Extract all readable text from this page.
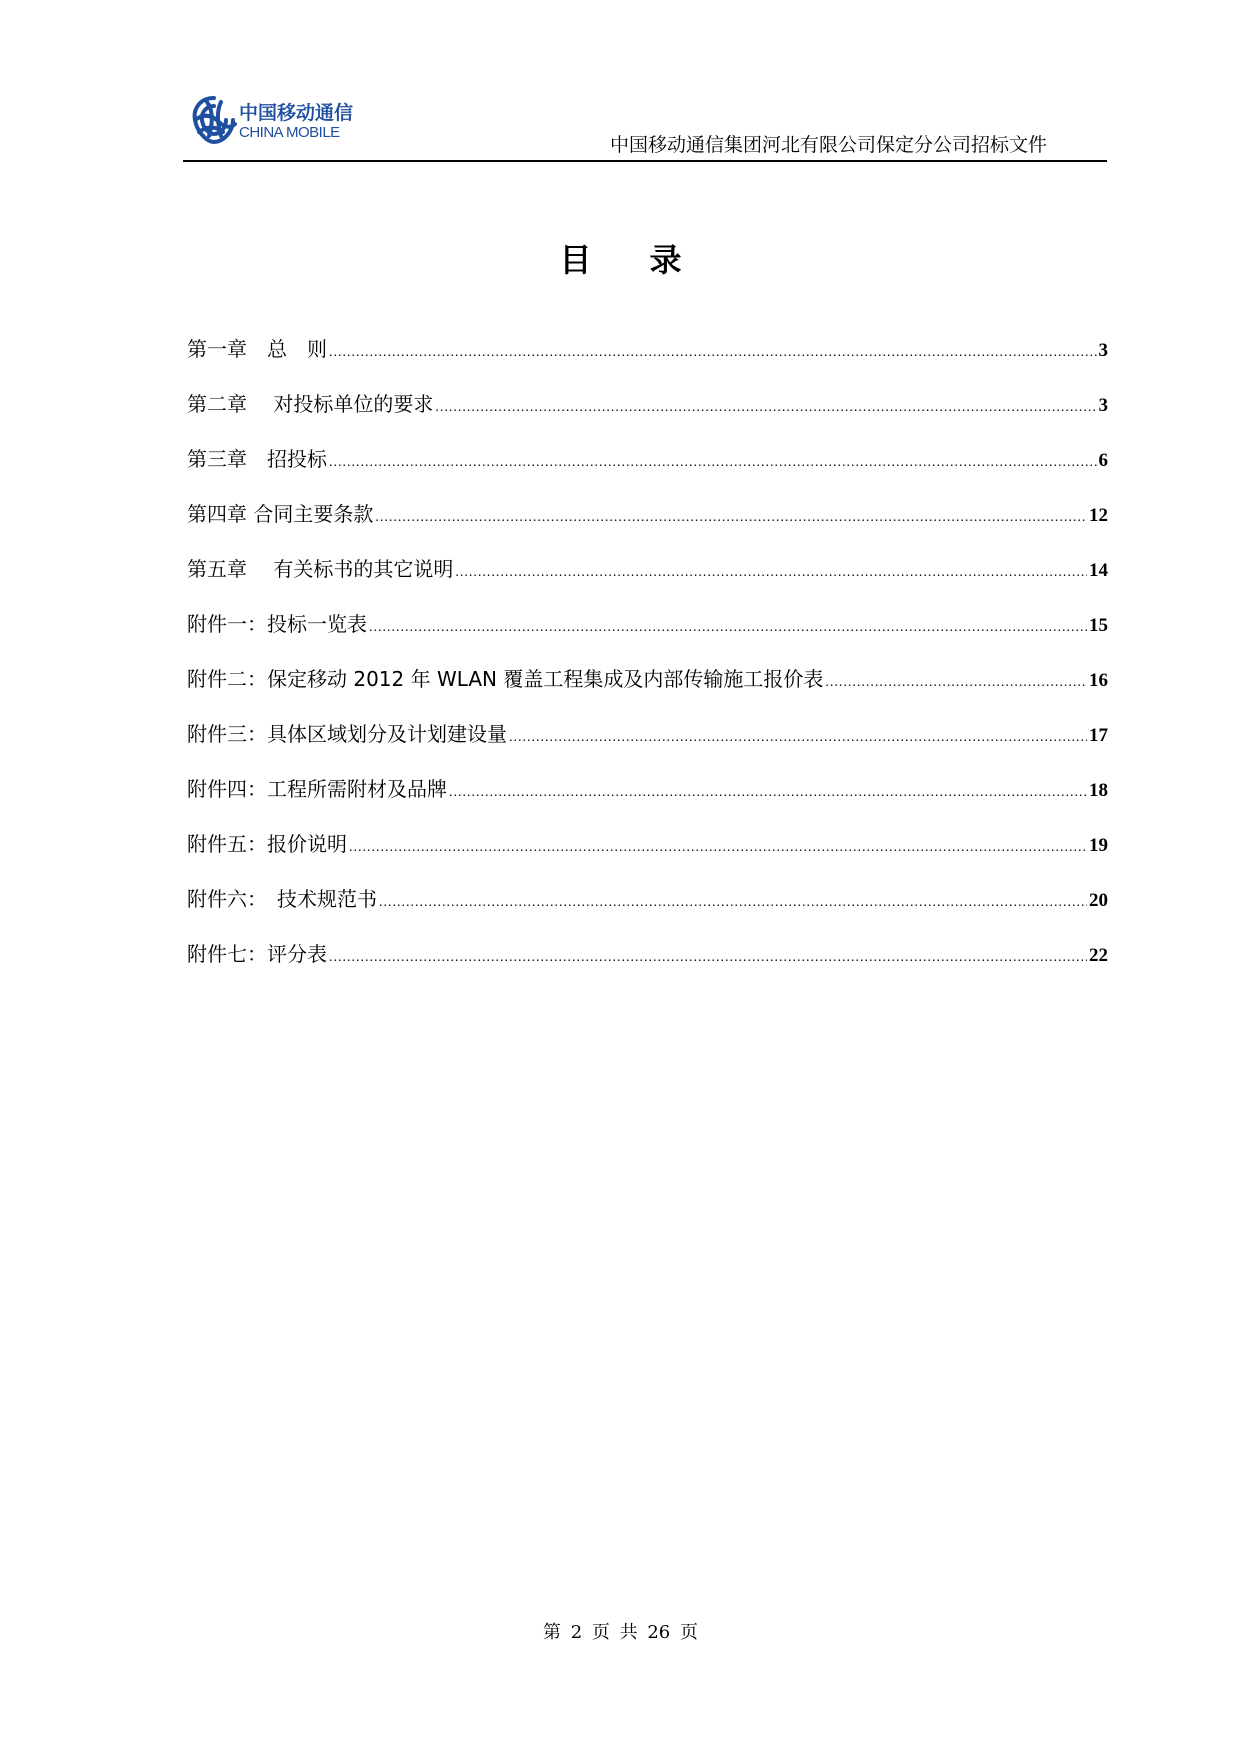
中国移动通信
CHINA MOBILE
中国移动通信集团河北有限公司保定分公司招标文件
目录
第一章　总　则 .....	3
第二章　 对投标单位的要求 .....	3
第三章　招投标 .....	6
第四章 合同主要条款 .....	12
第五章　 有关标书的其它说明 .....	14
附件一：投标一览表 .....	15
附件二：保定移动 2012 年 WLAN 覆盖工程集成及内部传输施工报价表 .....	16
附件三：具体区域划分及计划建设量 .....	17
附件四：工程所需附材及品牌 .....	18
附件五：报价说明 .....	19
附件六：　技术规范书 .....	20
附件七：评分表 .....	22
第 2 页 共 26 页
